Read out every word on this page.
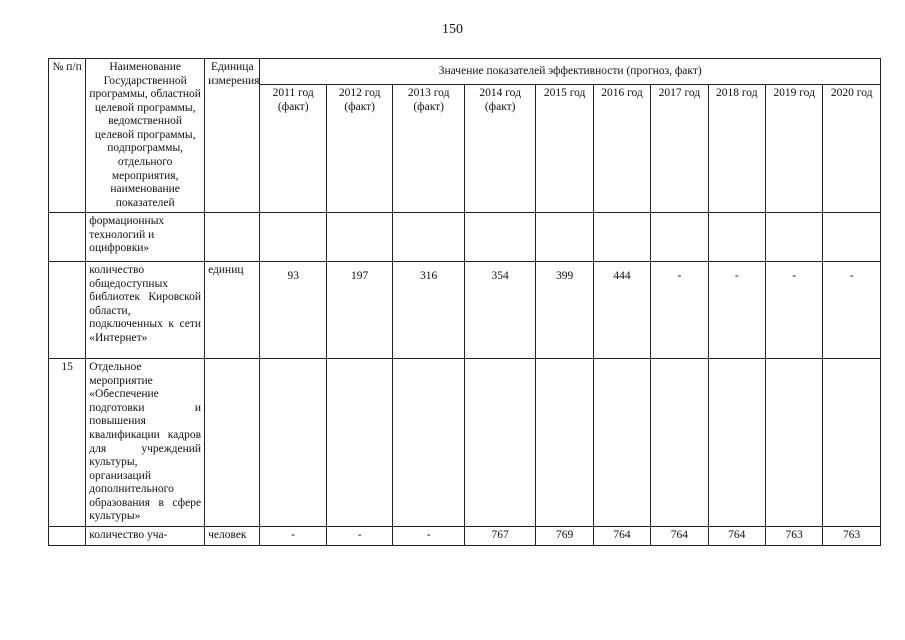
150
№ п/п	Наименование Государственной программы, областной целевой программы, ведомственной целевой программы, подпрограммы, отдельного мероприятия, наименование показателей	Единица измерения	Значение показателей эффективности (прогноз, факт)									
			2011 год (факт)	2012 год (факт)	2013 год (факт)	2014 год (факт)	2015 год	2016 год	2017 год	2018 год	2019 год	2020 год
	формационных технологий и оцифровки»											
	количество общедоступных библиотек Кировской области, подключенных к сети «Интернет»	единиц	93	197	316	354	399	444	-	-	-	-
15	Отдельное мероприятие «Обеспечение подготовки и повышения квалификации кадров для учреждений культуры, организаций дополнительного образования в сфере культуры»											
	количество уча-	человек	-	-	-	767	769	764	764	764	763	763
